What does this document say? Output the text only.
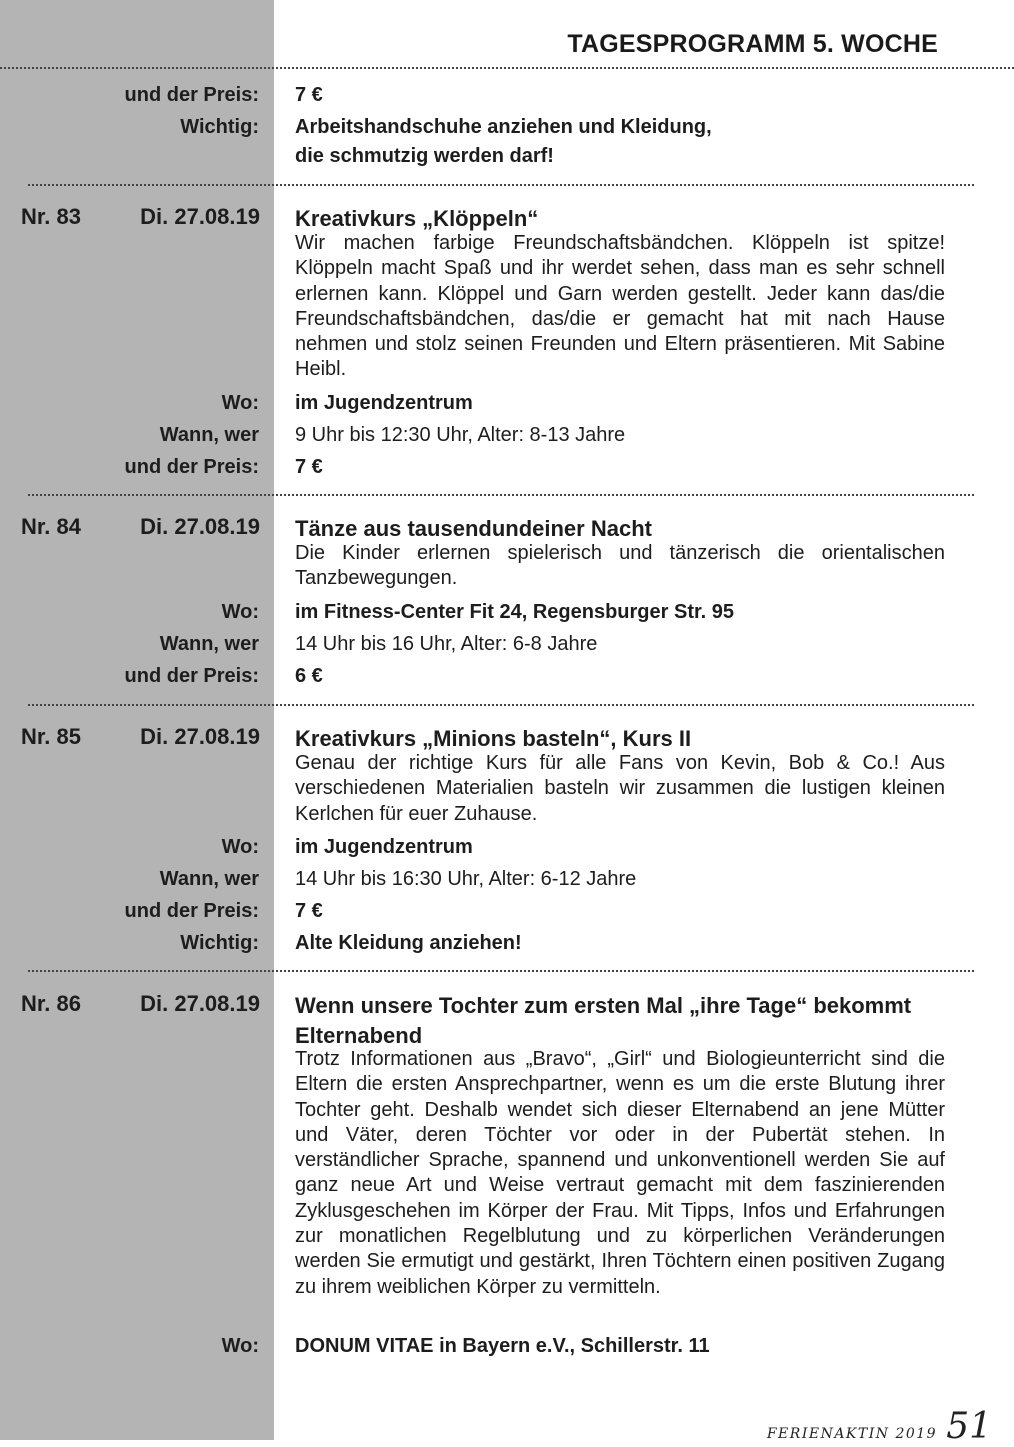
TAGESPROGRAMM 5. WOCHE
und der Preis: 7 €
Wichtig: Arbeitshandschuhe anziehen und Kleidung,
die schmutzig werden darf!
Nr. 83	Di. 27.08.19 Kreativkurs „Klöppeln“
Wir machen farbige Freundschaftsbändchen. Klöppeln ist spitze! Klöppeln macht Spaß und ihr werdet sehen, dass man es sehr schnell erlernen kann. Klöppel und Garn werden gestellt. Jeder kann das/die Freundschaftsbändchen, das/die er gemacht hat mit nach Hause nehmen und stolz seinen Freunden und Eltern präsentieren. Mit Sabine Heibl.
Wo: im Jugendzentrum
Wann, wer 9 Uhr bis 12:30 Uhr, Alter: 8-13 Jahre
und der Preis: 7 €
Nr. 84	Di. 27.08.19 Tänze aus tausendundeiner Nacht
Die Kinder erlernen spielerisch und tänzerisch die orientalischen Tanzbewegungen.
Wo: im Fitness-Center Fit 24, Regensburger Str. 95
Wann, wer 14 Uhr bis 16 Uhr, Alter: 6-8 Jahre
und der Preis: 6 €
Nr. 85	Di. 27.08.19 Kreativkurs „Minions basteln“, Kurs II
Genau der richtige Kurs für alle Fans von Kevin, Bob & Co.! Aus verschiedenen Materialien basteln wir zusammen die lustigen kleinen Kerlchen für euer Zuhause.
Wo: im Jugendzentrum
Wann, wer 14 Uhr bis 16:30 Uhr, Alter: 6-12 Jahre
und der Preis: 7 €
Wichtig: Alte Kleidung anziehen!
Nr. 86	Di. 27.08.19 Wenn unsere Tochter zum ersten Mal „ihre Tage“ bekommt
Elternabend
Trotz Informationen aus „Bravo“, „Girl“ und Biologieunterricht sind die Eltern die ersten Ansprechpartner, wenn es um die erste Blutung ihrer Tochter geht. Deshalb wendet sich dieser Elternabend an jene Mütter und Väter, deren Töchter vor oder in der Pubertät stehen. In verständlicher Sprache, spannend und unkonventionell werden Sie auf ganz neue Art und Weise vertraut gemacht mit dem faszinierenden Zyklusgeschehen im Körper der Frau. Mit Tipps, Infos und Erfahrungen zur monatlichen Regelblutung und zu körperlichen Veränderungen werden Sie ermutigt und gestärkt, Ihren Töchtern einen positiven Zugang zu ihrem weiblichen Körper zu vermitteln.
Wo: DONUM VITAE in Bayern e.V., Schillerstr. 11
FERIENAKTIN 2019 51
